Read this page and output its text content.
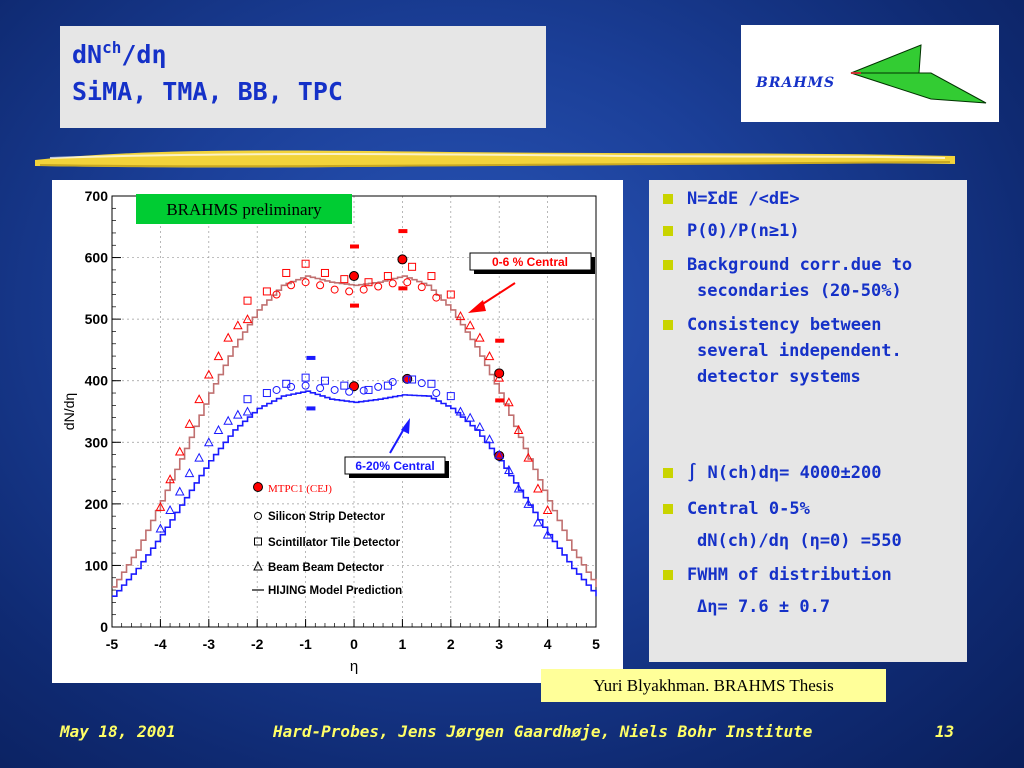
$dN^{ch}$ /dη
SiMA, TMA, BB, TPC	BRAHMS
-5	-4	-3	-2	-1	0	1	2	3	4	5
0
100
200
300
400
500
600
700
η
dN/dη
BRAHMS preliminary
0-6 % Central
6-20% Central
MTPC1 (CEJ)
Silicon Strip Detector
Scintillator Tile Detector
Beam Beam Detector
HIJING Model Prediction
N=ΣdE /<dE>
P(0)/P(n≥1)
Background corr.due to
secondaries (20-50%)
Consistency between
several independent.
detector systems
∫ N(ch)dη= 4000±200
Central 0-5%
dN(ch)/dη (η=0) =550
FWHM of distribution
Δη= 7.6 ± 0.7
Yuri Blyakhman. BRAHMS Thesis
May 18, 2001	Hard-Probes, Jens Jørgen Gaardhøje, Niels Bohr Institute	13
